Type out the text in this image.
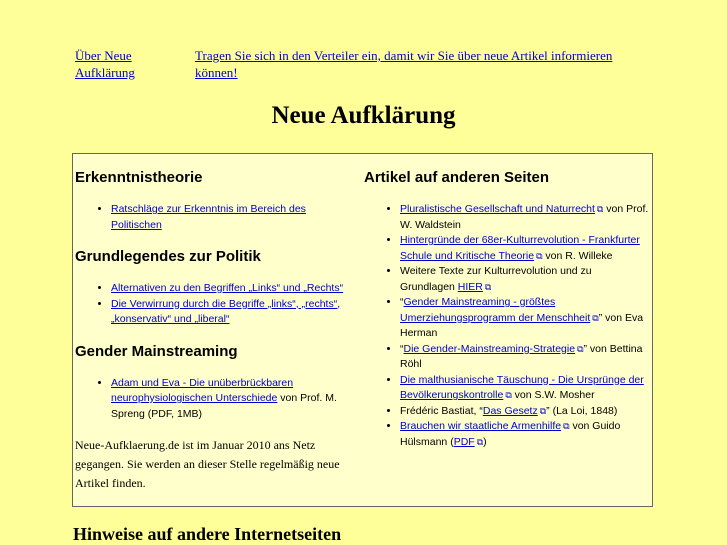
Über Neue Aufklärung
Tragen Sie sich in den Verteiler ein, damit wir Sie über neue Artikel informieren können!
Neue Aufklärung
Erkenntnistheorie
• Ratschläge zur Erkenntnis im Bereich des Politischen
Grundlegendes zur Politik
• Alternativen zu den Begriffen „Links“ und „Rechts“
• Die Verwirrung durch die Begriffe „links“, „rechts“, „konservativ“ und „liberal“
Gender Mainstreaming
• Adam und Eva - Die unüberbrückbaren neurophysiologischen Unterschiede von Prof. M. Spreng (PDF, 1MB)

Neue-Aufklaerung.de ist im Januar 2010 ans Netz gegangen. Sie werden an dieser Stelle regelmäßig neue Artikel finden.

Artikel auf anderen Seiten
• Pluralistische Gesellschaft und Naturrecht ⧉ von Prof. W. Waldstein
• Hintergründe der 68er-Kulturrevolution - Frankfurter Schule und Kritische Theorie ⧉ von R. Willeke
• Weitere Texte zur Kulturrevolution und zu Grundlagen HIER ⧉
• “Gender Mainstreaming - größtes Umerziehungsprogramm der Menschheit ⧉” von Eva Herman
• “Die Gender-Mainstreaming-Strategie ⧉” von Bettina Röhl
• Die malthusianische Täuschung - Die Ursprünge der Bevölkerungskontrolle ⧉ von S.W. Mosher
• Frédéric Bastiat, “Das Gesetz ⧉” (La Loi, 1848)
• Brauchen wir staatliche Armenhilfe ⧉ von Guido Hülsmann (PDF ⧉)
Hinweise auf andere Internetseiten
